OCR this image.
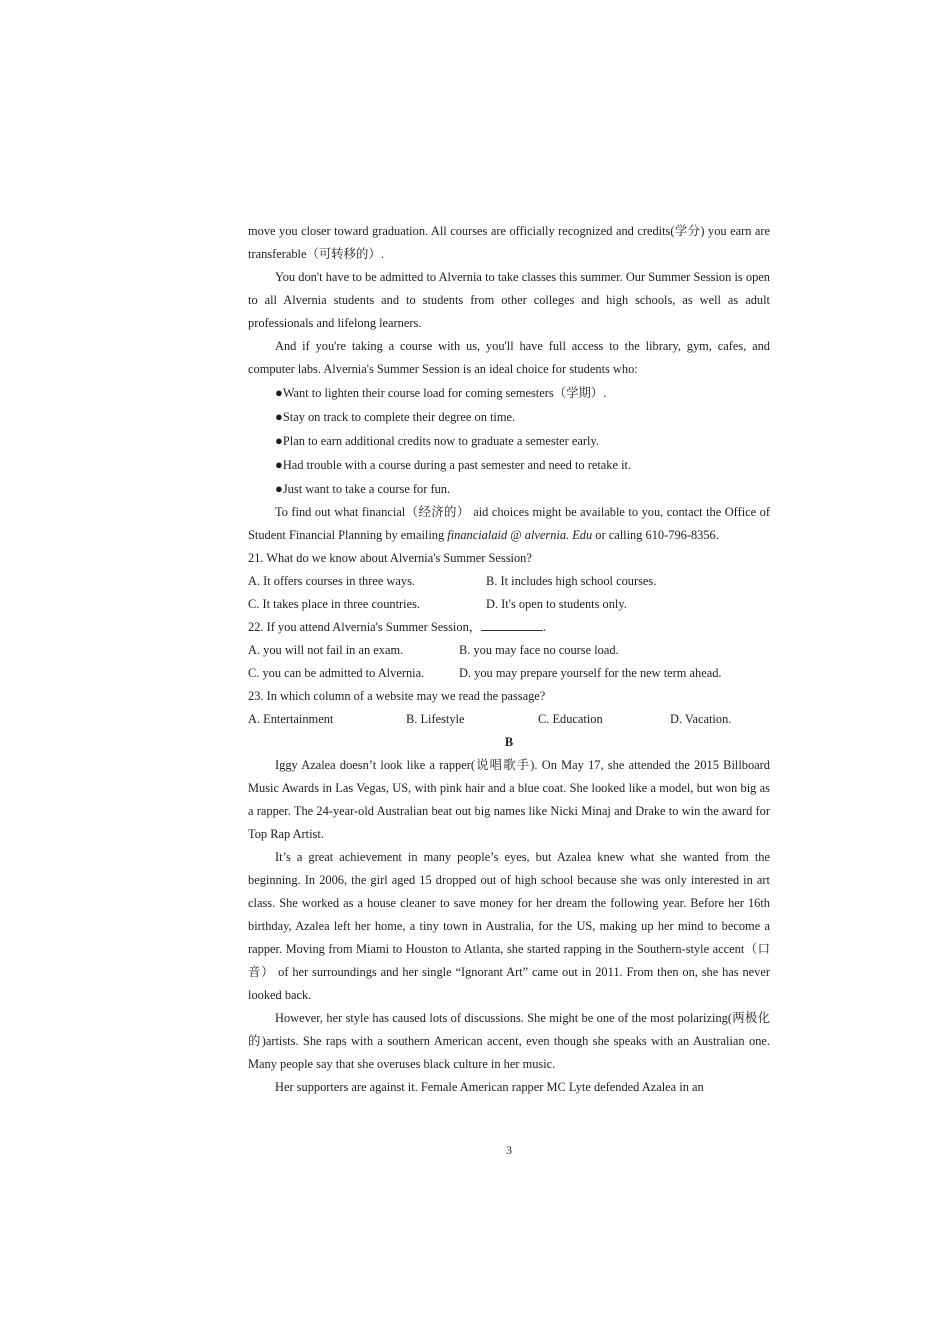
move you closer toward graduation. All courses are officially recognized and credits(学分) you earn are transferable（可转移的）.

You don't have to be admitted to Alvernia to take classes this summer. Our Summer Session is open to all Alvernia students and to students from other colleges and high schools, as well as adult professionals and lifelong learners.

And if you're taking a course with us, you'll have full access to the library, gym, cafes, and computer labs. Alvernia's Summer Session is an ideal choice for students who:

●Want to lighten their course load for coming semesters（学期）.

●Stay on track to complete their degree on time.

●Plan to earn additional credits now to graduate a semester early.

●Had trouble with a course during a past semester and need to retake it.

●Just want to take a course for fun.

To find out what financial（经济的） aid choices might be available to you, contact the Office of Student Financial Planning by emailing financialaid @ alvernia. Edu or calling 610-796-8356.

21. What do we know about Alvernia's Summer Session?

A. It offers courses in three ways.	B. It includes high school courses.
C. It takes place in three countries.	D. It's open to students only.

22. If you attend Alvernia's Summer Session，	.

A. you will not fail in an exam.	B. you may face no course load.
C. you can be admitted to Alvernia.	D. you may prepare yourself for the new term ahead.

23. In which column of a website may we read the passage?

A. Entertainment	B. Lifestyle	C. Education	D. Vacation.

B

Iggy Azalea doesn’t look like a rapper(说唱歌手). On May 17, she attended the 2015 Billboard Music Awards in Las Vegas, US, with pink hair and a blue coat. She looked like a model, but won big as a rapper. The 24-year-old Australian beat out big names like Nicki Minaj and Drake to win the award for Top Rap Artist.

It’s a great achievement in many people’s eyes, but Azalea knew what she wanted from the beginning. In 2006, the girl aged 15 dropped out of high school because she was only interested in art class. She worked as a house cleaner to save money for her dream the following year. Before her 16th birthday, Azalea left her home, a tiny town in Australia, for the US, making up her mind to become a rapper. Moving from Miami to Houston to Atlanta, she started rapping in the Southern-style accent（口音） of her surroundings and her single “Ignorant Art” came out in 2011. From then on, she has never looked back.

However, her style has caused lots of discussions. She might be one of the most polarizing(两极化的)artists. She raps with a southern American accent, even though she speaks with an Australian one. Many people say that she overuses black culture in her music.

Her supporters are against it. Female American rapper MC Lyte defended Azalea in an

3
